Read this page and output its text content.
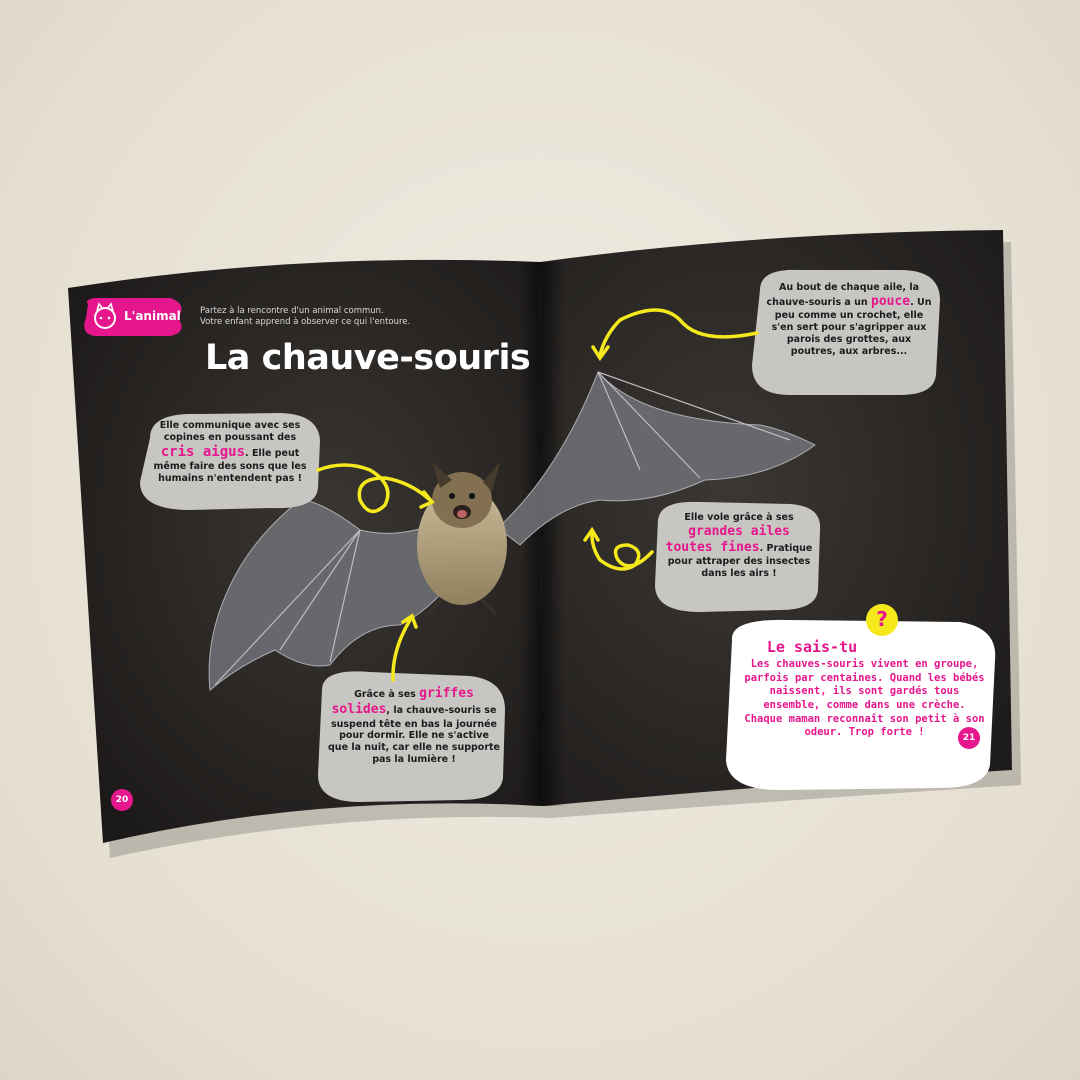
L'animal Partez à la rencontre d'un animal commun.
Votre enfant apprend à observer ce qui l'entoure.
La chauve-souris
Elle communique avec ses copines en poussant des cris aigus. Elle peut même faire des sons que les humains n'entendent pas !
Au bout de chaque aile, la chauve-souris a un pouce. Un peu comme un crochet, elle s'en sert pour s'agripper aux parois des grottes, aux poutres, aux arbres...
Elle vole grâce à ses grandes ailes toutes fines. Pratique pour attraper des insectes dans les airs !
Grâce à ses griffes solides, la chauve-souris se suspend tête en bas la journée pour dormir. Elle ne s'active que la nuit, car elle ne supporte pas la lumière !
Le sais-tu
?
Les chauves-souris vivent en groupe, parfois par centaines. Quand les bébés naissent, ils sont gardés tous ensemble, comme dans une crèche. Chaque maman reconnaît son petit à son odeur. Trop forte !
20
21
